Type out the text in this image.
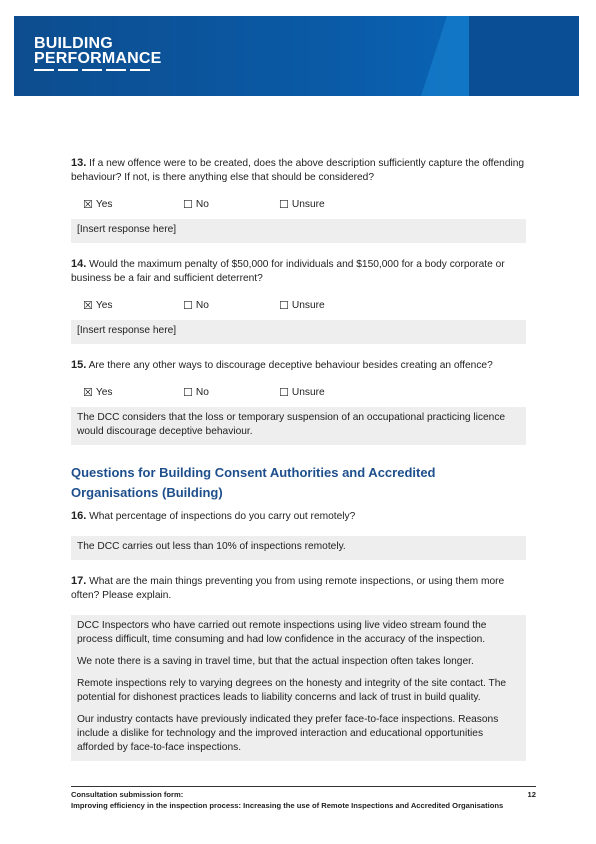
BUILDING
PERFORMANCE

13. If a new offence were to be created, does the above description sufficiently capture the offending behaviour? If not, is there anything else that should be considered?

☒ Yes	☐ No	☐ Unsure

[Insert response here]

14. Would the maximum penalty of $50,000 for individuals and $150,000 for a body corporate or business be a fair and sufficient deterrent?

☒ Yes	☐ No	☐ Unsure

[Insert response here]

15. Are there any other ways to discourage deceptive behaviour besides creating an offence?

☒ Yes	☐ No	☐ Unsure

The DCC considers that the loss or temporary suspension of an occupational practicing licence would discourage deceptive behaviour.

Questions for Building Consent Authorities and Accredited Organisations (Building)

16. What percentage of inspections do you carry out remotely?

The DCC carries out less than 10% of inspections remotely.

17. What are the main things preventing you from using remote inspections, or using them more often? Please explain.

DCC Inspectors who have carried out remote inspections using live video stream found the process difficult, time consuming and had low confidence in the accuracy of the inspection.

We note there is a saving in travel time, but that the actual inspection often takes longer.

Remote inspections rely to varying degrees on the honesty and integrity of the site contact. The potential for dishonest practices leads to liability concerns and lack of trust in build quality.

Our industry contacts have previously indicated they prefer face-to-face inspections. Reasons include a dislike for technology and the improved interaction and educational opportunities afforded by face-to-face inspections.

Consultation submission form:	12
Improving efficiency in the inspection process: Increasing the use of Remote Inspections and Accredited Organisations
